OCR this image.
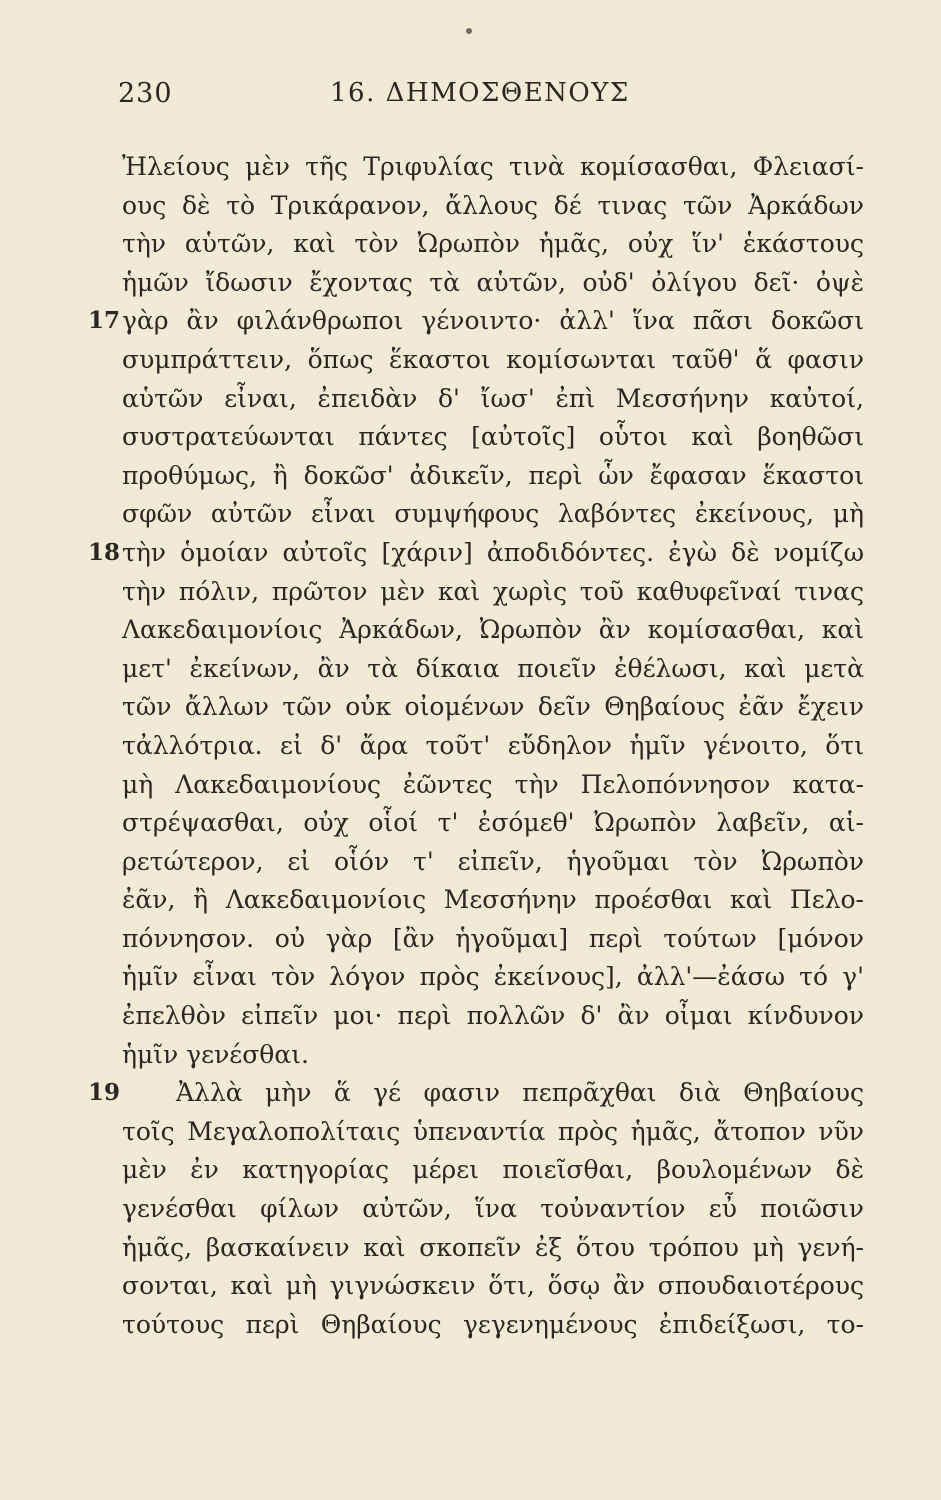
230	16. ΔΗΜΟΣΘΕΝΟΥΣ
Ἠλείους μὲν τῆς Τριφυλίας τινὰ κομίσασθαι, Φλειασί-
ους δὲ τὸ Τρικάρανον, ἄλλους δέ τινας τῶν Ἀρκάδων
τὴν αὑτῶν, καὶ τὸν Ὠρωπὸν ἡμᾶς, οὐχ ἵν' ἑκάστους
ἡμῶν ἴδωσιν ἔχοντας τὰ αὑτῶν, οὐδ' ὀλίγου δεῖ· ὀψὲ
17 γὰρ ἂν φιλάνθρωποι γένοιντο· ἀλλ' ἵνα πᾶσι δοκῶσι
συμπράττειν, ὅπως ἕκαστοι κομίσωνται ταῦθ' ἅ φασιν
αὑτῶν εἶναι, ἐπειδὰν δ' ἴωσ' ἐπὶ Μεσσήνην καὐτοί,
συστρατεύωνται πάντες [αὐτοῖς] οὗτοι καὶ βοηθῶσι
προθύμως, ἢ δοκῶσ' ἀδικεῖν, περὶ ὧν ἔφασαν ἕκαστοι
σφῶν αὐτῶν εἶναι συμψήφους λαβόντες ἐκείνους, μὴ
18 τὴν ὁμοίαν αὐτοῖς [χάριν] ἀποδιδόντες. ἐγὼ δὲ νομίζω
τὴν πόλιν, πρῶτον μὲν καὶ χωρὶς τοῦ καθυφεῖναί τινας
Λακεδαιμονίοις Ἀρκάδων, Ὠρωπὸν ἂν κομίσασθαι, καὶ
μετ' ἐκείνων, ἂν τὰ δίκαια ποιεῖν ἐθέλωσι, καὶ μετὰ
τῶν ἄλλων τῶν οὐκ οἰομένων δεῖν Θηβαίους ἐᾶν ἔχειν
τἀλλότρια. εἰ δ' ἄρα τοῦτ' εὔδηλον ἡμῖν γένοιτο, ὅτι
μὴ Λακεδαιμονίους ἐῶντες τὴν Πελοπόννησον κατα-
στρέψασθαι, οὐχ οἷοί τ' ἐσόμεθ' Ὠρωπὸν λαβεῖν, αἱ-
ρετώτερον, εἰ οἷόν τ' εἰπεῖν, ἡγοῦμαι τὸν Ὠρωπὸν
ἐᾶν, ἢ Λακεδαιμονίοις Μεσσήνην προέσθαι καὶ Πελο-
πόννησον. οὐ γὰρ [ἂν ἡγοῦμαι] περὶ τούτων [μόνον
ἡμῖν εἶναι τὸν λόγον πρὸς ἐκείνους], ἀλλ'—ἐάσω τό γ'
ἐπελθὸν εἰπεῖν μοι· περὶ πολλῶν δ' ἂν οἶμαι κίνδυνον
ἡμῖν γενέσθαι.
19 Ἀλλὰ μὴν ἅ γέ φασιν πεπρᾶχθαι διὰ Θηβαίους
τοῖς Μεγαλοπολίταις ὑπεναντία πρὸς ἡμᾶς, ἄτοπον νῦν
μὲν ἐν κατηγορίας μέρει ποιεῖσθαι, βουλομένων δὲ
γενέσθαι φίλων αὐτῶν, ἵνα τοὐναντίον εὖ ποιῶσιν
ἡμᾶς, βασκαίνειν καὶ σκοπεῖν ἐξ ὅτου τρόπου μὴ γενή-
σονται, καὶ μὴ γιγνώσκειν ὅτι, ὅσῳ ἂν σπουδαιοτέρους
τούτους περὶ Θηβαίους γεγενημένους ἐπιδείξωσι, το-
